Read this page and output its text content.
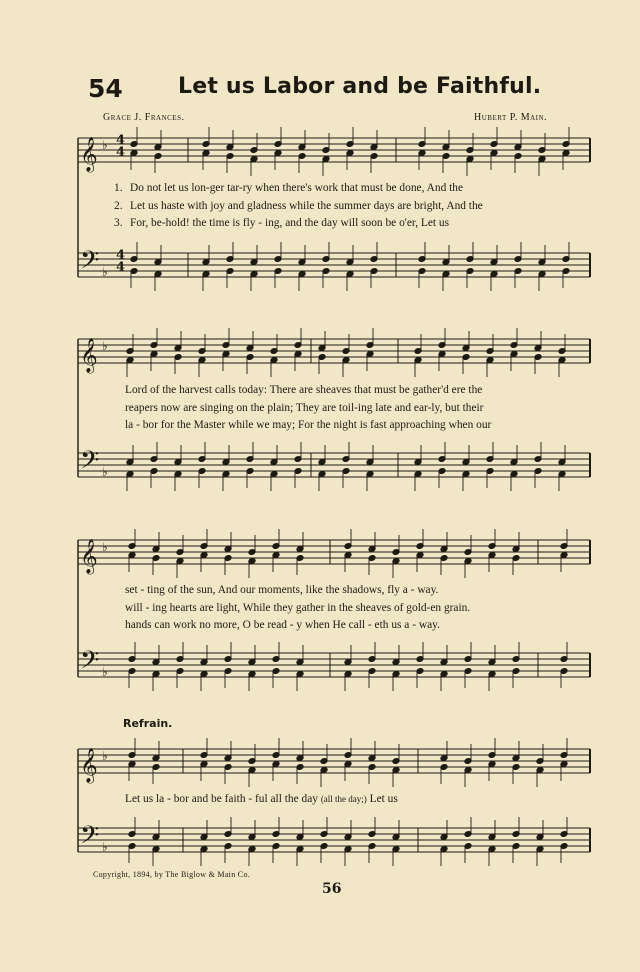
54	Let us Labor and be Faithful.
Grace J. Frances.	Hubert P. Main.
𝄞
𝄢
♭
♭
𝄞
𝄢
♭
♭
𝄞
𝄢
♭
♭
𝄞
𝄢
♭
♭
4
4
4
4
1. Do not let us lon-ger tar-ry when there's work that must be done, And the
2. Let us haste with joy and gladness while the summer days are bright, And the
3. For, be-hold! the time is fly - ing, and the day will soon be o'er, Let us
Lord of the harvest calls today: There are sheaves that must be gather'd ere the
reapers now are singing on the plain; They are toil-ing late and ear-ly, but their
la - bor for the Master while we may; For the night is fast approaching when our
set - ting of the sun, And our moments, like the shadows, fly a - way.
will - ing hearts are light, While they gather in the sheaves of gold-en grain.
hands can work no more, O be read - y when He call - eth us a - way.
Refrain.
Let us la - bor and be faith - ful all the day (all the day;) Let us
Copyright, 1894, by The Biglow & Main Co.
56
